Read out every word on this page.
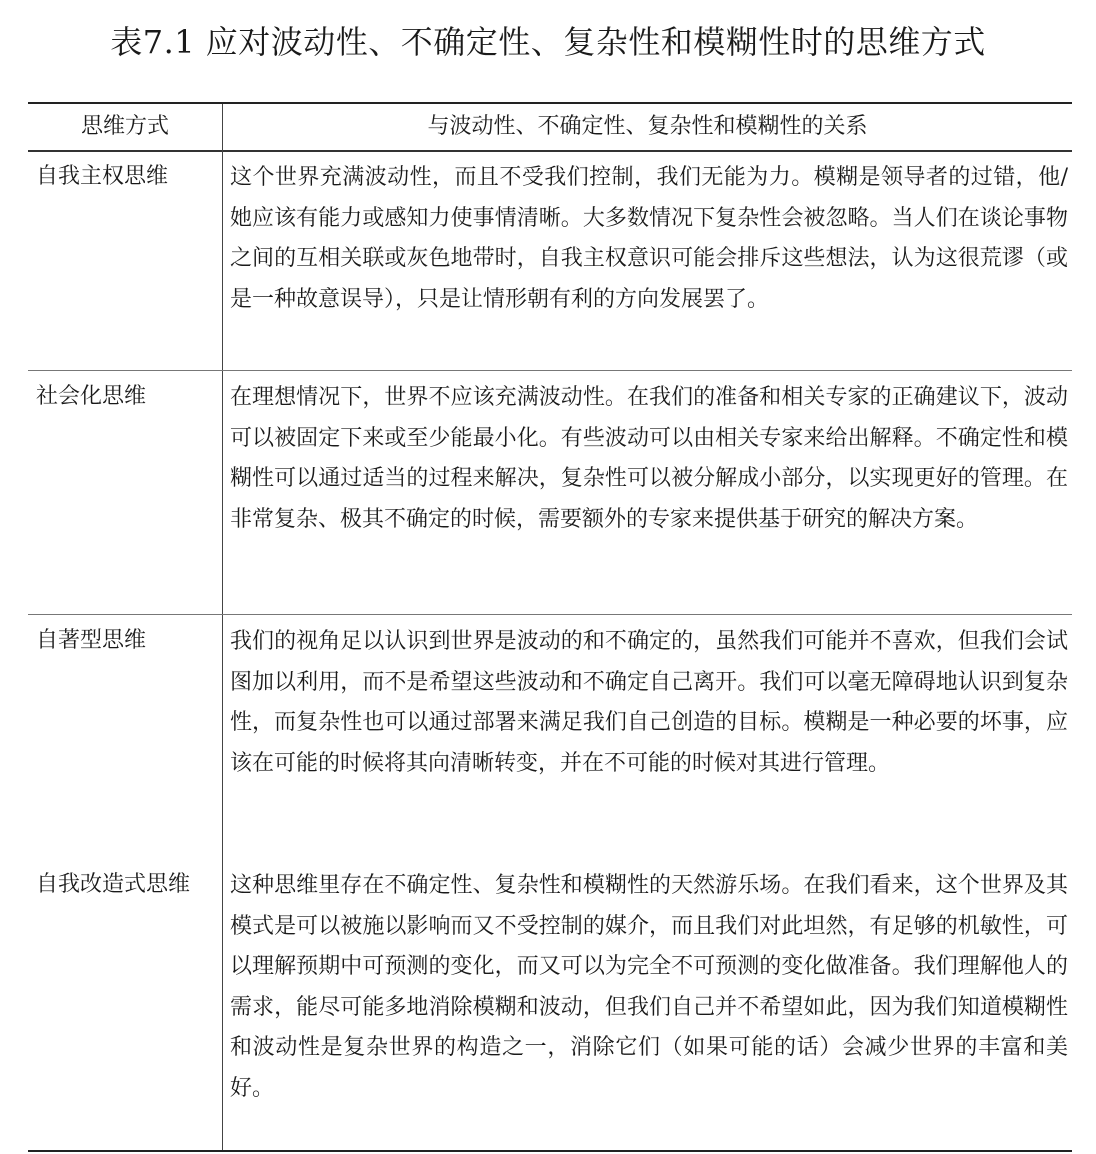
表7.1 应对波动性、不确定性、复杂性和模糊性时的思维方式
思维方式	与波动性、不确定性、复杂性和模糊性的关系
自我主权思维	这个世界充满波动性，而且不受我们控制，我们无能为力。模糊是领导者的过错，他/她应该有能力或感知力使事情清晰。大多数情况下复杂性会被忽略。当人们在谈论事物之间的互相关联或灰色地带时，自我主权意识可能会排斥这些想法，认为这很荒谬（或是一种故意误导），只是让情形朝有利的方向发展罢了。
社会化思维	在理想情况下，世界不应该充满波动性。在我们的准备和相关专家的正确建议下，波动可以被固定下来或至少能最小化。有些波动可以由相关专家来给出解释。不确定性和模糊性可以通过适当的过程来解决，复杂性可以被分解成小部分，以实现更好的管理。在非常复杂、极其不确定的时候，需要额外的专家来提供基于研究的解决方案。
自著型思维	我们的视角足以认识到世界是波动的和不确定的，虽然我们可能并不喜欢，但我们会试图加以利用，而不是希望这些波动和不确定自己离开。我们可以毫无障碍地认识到复杂性，而复杂性也可以通过部署来满足我们自己创造的目标。模糊是一种必要的坏事，应该在可能的时候将其向清晰转变，并在不可能的时候对其进行管理。
自我改造式思维	这种思维里存在不确定性、复杂性和模糊性的天然游乐场。在我们看来，这个世界及其模式是可以被施以影响而又不受控制的媒介，而且我们对此坦然，有足够的机敏性，可以理解预期中可预测的变化，而又可以为完全不可预测的变化做准备。我们理解他人的需求，能尽可能多地消除模糊和波动，但我们自己并不希望如此，因为我们知道模糊性和波动性是复杂世界的构造之一，消除它们（如果可能的话）会减少世界的丰富和美好。
